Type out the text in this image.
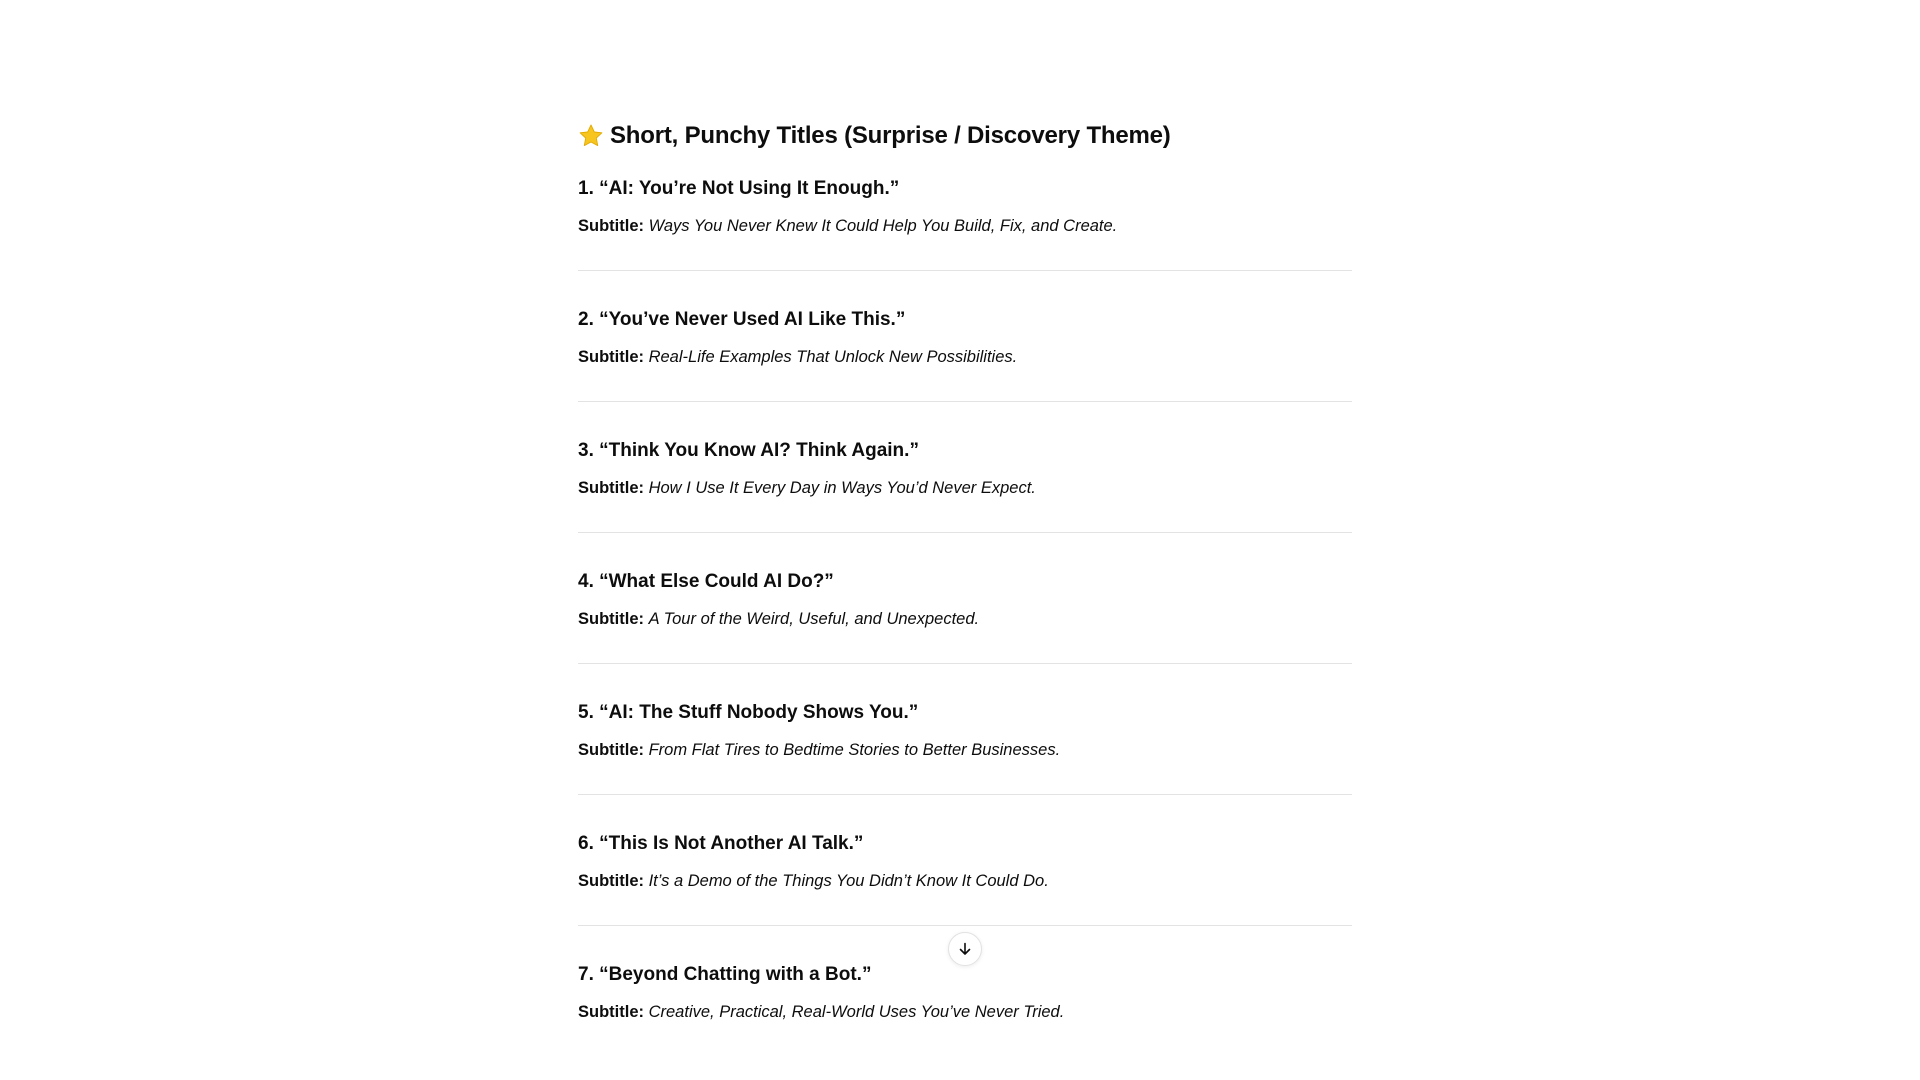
Short, Punchy Titles (Surprise / Discovery Theme)
1. “AI: You’re Not Using It Enough.”

Subtitle: Ways You Never Knew It Could Help You Build, Fix, and Create.

2. “You’ve Never Used AI Like This.”

Subtitle: Real-Life Examples That Unlock New Possibilities.

3. “Think You Know AI? Think Again.”

Subtitle: How I Use It Every Day in Ways You’d Never Expect.

4. “What Else Could AI Do?”

Subtitle: A Tour of the Weird, Useful, and Unexpected.

5. “AI: The Stuff Nobody Shows You.”

Subtitle: From Flat Tires to Bedtime Stories to Better Businesses.

6. “This Is Not Another AI Talk.”

Subtitle: It’s a Demo of the Things You Didn’t Know It Could Do.

7. “Beyond Chatting with a Bot.”

Subtitle: Creative, Practical, Real-World Uses You’ve Never Tried.
